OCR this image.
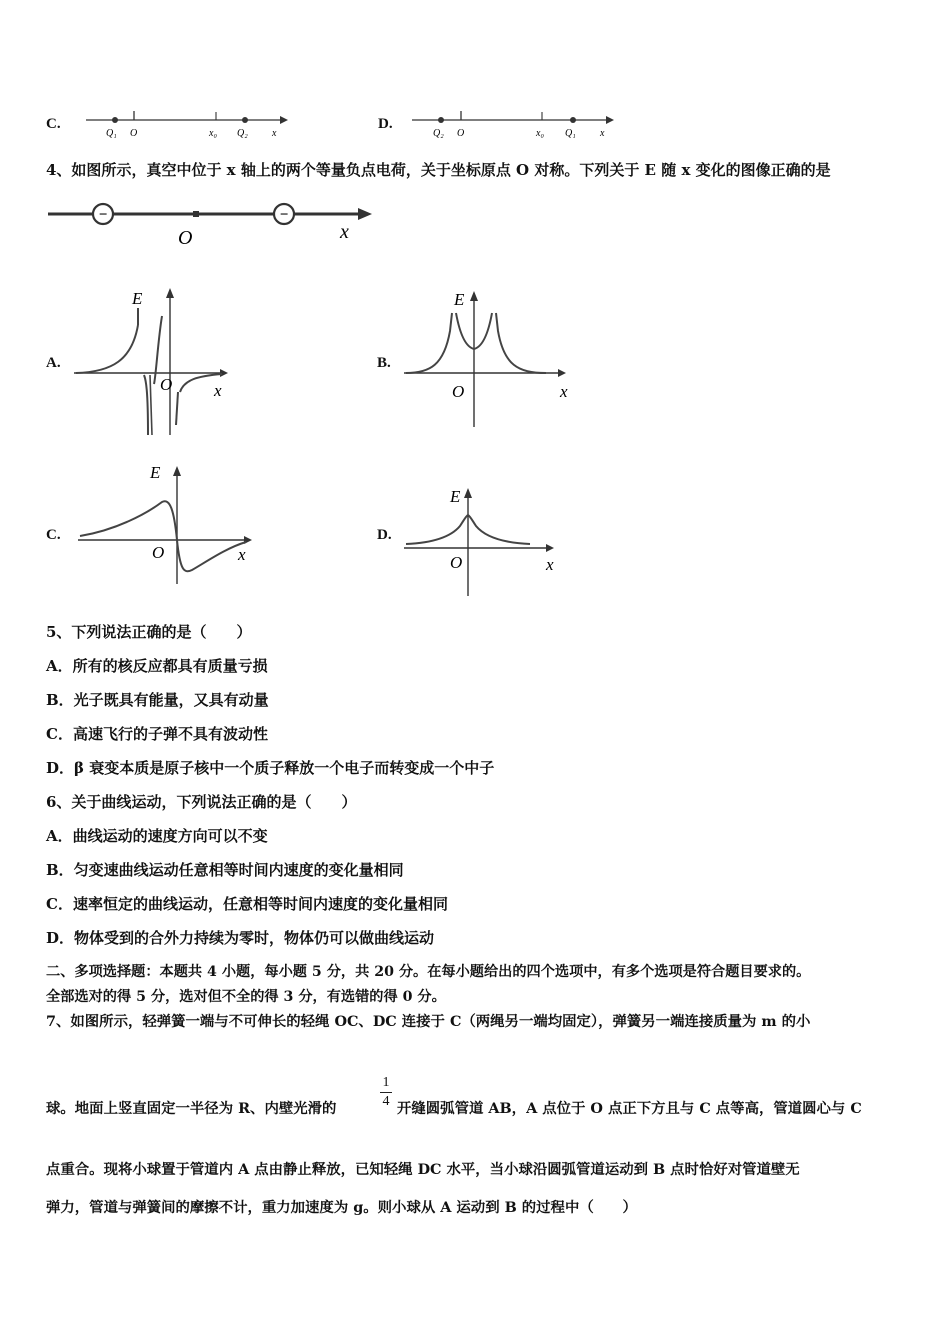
C.
Q₁ O	x₀ Q₂ x
D.
Q₂ O	x₀ Q₁ x
4、如图所示，真空中位于 x 轴上的两个等量负点电荷，关于坐标原点 O 对称。下列关于 E 随 x 变化的图像正确的是
−	−
O	x
A.
E
O x
B.
E
O	x
C.
E
O	x
D.
E
O	x
5、下列说法正确的是（　　）
A．所有的核反应都具有质量亏损
B．光子既具有能量，又具有动量
C．高速飞行的子弹不具有波动性
D．β 衰变本质是原子核中一个质子释放一个电子而转变成一个中子
6、关于曲线运动，下列说法正确的是（　　）
A．曲线运动的速度方向可以不变
B．匀变速曲线运动任意相等时间内速度的变化量相同
C．速率恒定的曲线运动，任意相等时间内速度的变化量相同
D．物体受到的合外力持续为零时，物体仍可以做曲线运动
二、多项选择题：本题共 4 小题，每小题 5 分，共 20 分。在每小题给出的四个选项中，有多个选项是符合题目要求的。
全部选对的得 5 分，选对但不全的得 3 分，有选错的得 0 分。
7、如图所示，轻弹簧一端与不可伸长的轻绳 OC、DC 连接于 C（两绳另一端均固定），弹簧另一端连接质量为 m 的小
球。地面上竖直固定一半径为 R、内壁光滑的	$\frac{1}{4}$ 开缝圆弧管道 AB，A 点位于 O 点正下方且与 C 点等高，管道圆心与 C
点重合。现将小球置于管道内 A 点由静止释放，已知轻绳 DC 水平，当小球沿圆弧管道运动到 B 点时恰好对管道壁无
弹力，管道与弹簧间的摩擦不计，重力加速度为 g。则小球从 A 运动到 B 的过程中（　　）
